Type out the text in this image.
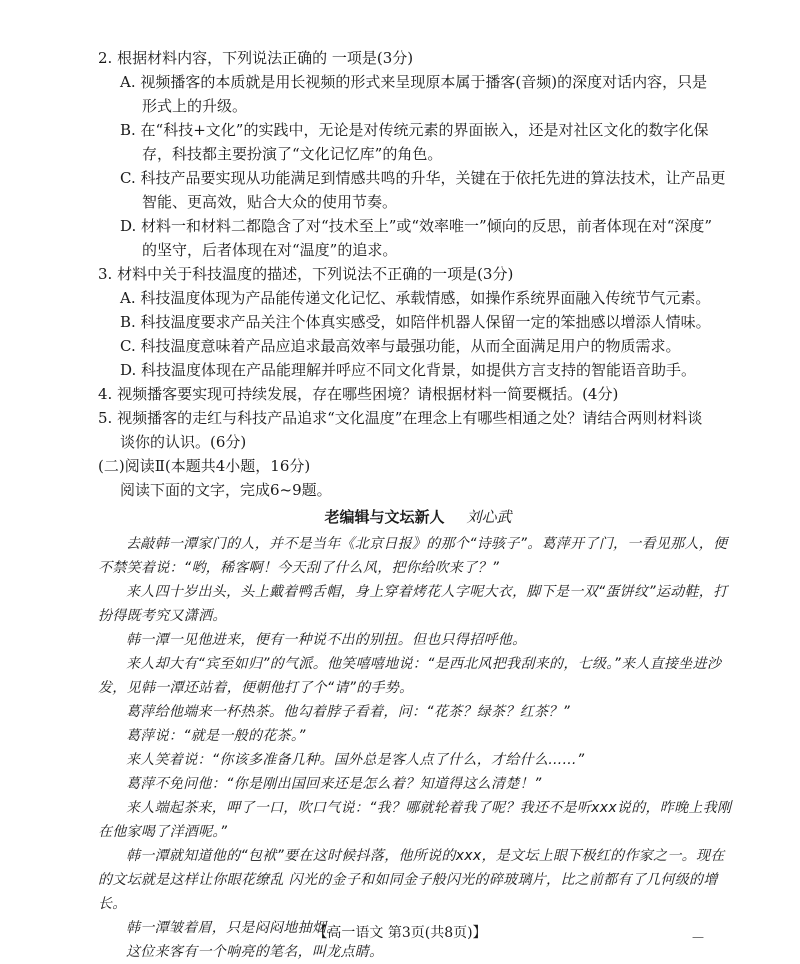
2. 根据材料内容，下列说法正确的 一项是(3分)

A. 视频播客的本质就是用长视频的形式来呈现原本属于播客(音频)的深度对话内容，只是

形式上的升级。

B. 在“科技+文化”的实践中，无论是对传统元素的界面嵌入，还是对社区文化的数字化保

存，科技都主要扮演了“文化记忆库”的角色。

C. 科技产品要实现从功能满足到情感共鸣的升华，关键在于依托先进的算法技术，让产品更

智能、更高效，贴合大众的使用节奏。

D. 材料一和材料二都隐含了对“技术至上”或“效率唯一”倾向的反思，前者体现在对“深度”

的坚守，后者体现在对“温度”的追求。

3. 材料中关于科技温度的描述，下列说法不正确的一项是(3分)

A. 科技温度体现为产品能传递文化记忆、承载情感，如操作系统界面融入传统节气元素。

B. 科技温度要求产品关注个体真实感受，如陪伴机器人保留一定的笨拙感以增添人情味。

C. 科技温度意味着产品应追求最高效率与最强功能，从而全面满足用户的物质需求。

D. 科技温度体现在产品能理解并呼应不同文化背景，如提供方言支持的智能语音助手。

4. 视频播客要实现可持续发展，存在哪些困境？请根据材料一简要概括。(4分)

5. 视频播客的走红与科技产品追求“文化温度”在理念上有哪些相通之处？请结合两则材料谈

谈你的认识。(6分)

(二)阅读Ⅱ(本题共4小题，16分)

阅读下面的文字，完成6~9题。

老编辑与文坛新人 刘心武

去敲韩一潭家门的人，并不是当年《北京日报》的那个“诗骇子”。葛萍开了门，一看见那人，便不禁笑着说：“哟，稀客啊！今天刮了什么风，把你给吹来了？”

来人四十岁出头，头上戴着鸭舌帽，身上穿着烤花人字呢大衣，脚下是一双“蛋饼纹”运动鞋，打扮得既考究又潇洒。

韩一潭一见他进来，便有一种说不出的别扭。但也只得招呼他。

来人却大有“宾至如归”的气派。他笑嘻嘻地说：“是西北风把我刮来的，七级。”来人直接坐进沙发，见韩一潭还站着，便朝他打了个“请”的手势。

葛萍给他端来一杯热茶。他勾着脖子看着，问：“花茶？绿茶？红茶？”

葛萍说：“就是一般的花茶。”

来人笑着说：“你该多准备几种。国外总是客人点了什么，才给什么……”

葛萍不免问他：“你是刚出国回来还是怎么着？知道得这么清楚！”

来人端起茶来，呷了一口，吹口气说：“我？哪就轮着我了呢？我还不是听xxx说的，昨晚上我刚在他家喝了洋酒呢。”

韩一潭就知道他的“包袱”要在这时候抖落，他所说的xxx，是文坛上眼下极红的作家之一。现在的文坛就是这样让你眼花缭乱 闪光的金子和如同金子般闪光的碎玻璃片，比之前都有了几何级的增长。

韩一潭皱着眉，只是闷闷地抽烟。

这位来客有一个响亮的笔名，叫龙点睛。

【高一语文 第3页(共8页)】	—
